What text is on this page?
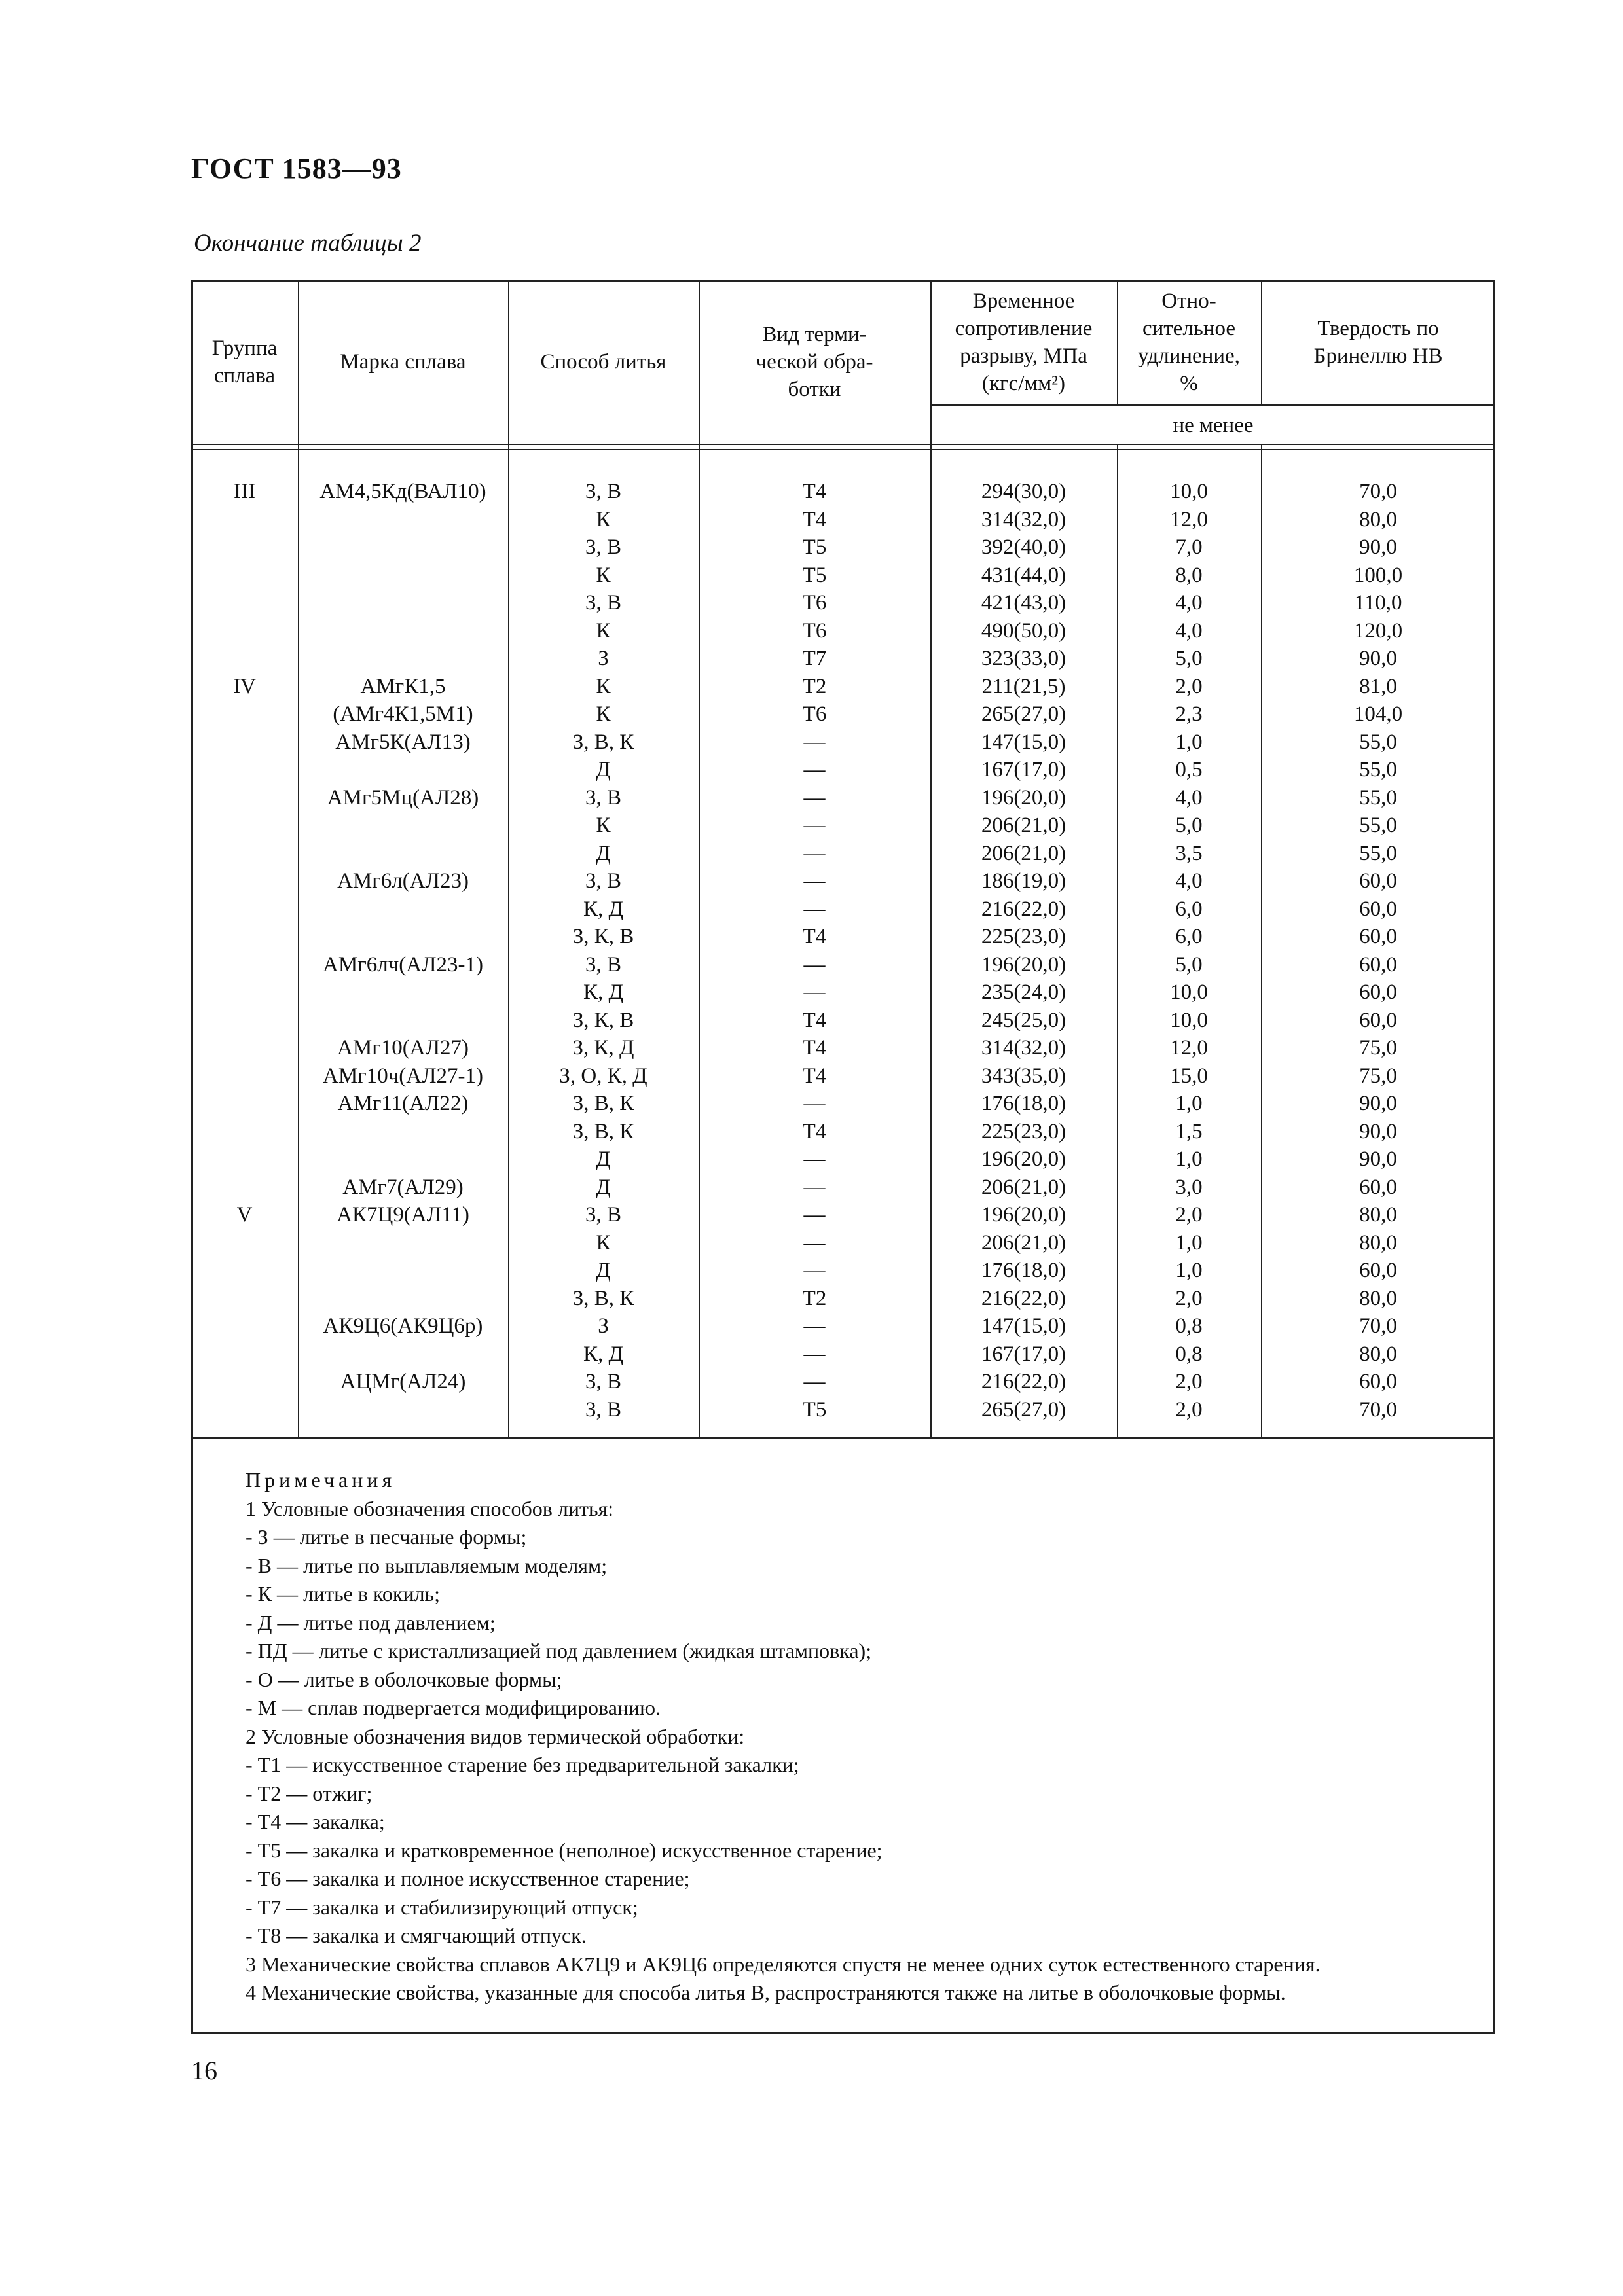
ГОСТ 1583—93
Окончание таблицы 2
Группа
сплава
Марка сплава	Способ литья
Вид терми-
ческой обра-
ботки
Временное
сопротивление
разрыву, МПа
(кгс/мм²)
Отно-
сительное
удлинение,
%
Твердость по
Бринеллю HB
не менее
III
IV
V
АМ4,5Кд(ВАЛ10)
АМгК1,5
(АМг4К1,5М1)
АМг5К(АЛ13)
АМг5Мц(АЛ28)
АМг6л(АЛ23)
АМг6лч(АЛ23-1)
АМг10(АЛ27)
АМг10ч(АЛ27-1)
АМг11(АЛ22)
АМг7(АЛ29)
АК7Ц9(АЛ11)
АК9Ц6(АК9Ц6р)
АЦМг(АЛ24)
З, В
К
З, В
К
З, В
К
З
К
К
З, В, К
Д
З, В
К
Д
З, В
К, Д
З, К, В
З, В
К, Д
З, К, В
З, К, Д
З, О, К, Д
З, В, К
З, В, К
Д
Д
З, В
К
Д
З, В, К
З
К, Д
З, В
З, В
Т4
Т4
Т5
Т5
Т6
Т6
Т7
Т2
Т6
—
—
—
—
—
—
—
Т4
—
—
Т4
Т4
Т4
—
Т4
—
—
—
—
—
Т2
—
—
—
Т5
294(30,0)
314(32,0)
392(40,0)
431(44,0)
421(43,0)
490(50,0)
323(33,0)
211(21,5)
265(27,0)
147(15,0)
167(17,0)
196(20,0)
206(21,0)
206(21,0)
186(19,0)
216(22,0)
225(23,0)
196(20,0)
235(24,0)
245(25,0)
314(32,0)
343(35,0)
176(18,0)
225(23,0)
196(20,0)
206(21,0)
196(20,0)
206(21,0)
176(18,0)
216(22,0)
147(15,0)
167(17,0)
216(22,0)
265(27,0)
10,0
12,0
7,0
8,0
4,0
4,0
5,0
2,0
2,3
1,0
0,5
4,0
5,0
3,5
4,0
6,0
6,0
5,0
10,0
10,0
12,0
15,0
1,0
1,5
1,0
3,0
2,0
1,0
1,0
2,0
0,8
0,8
2,0
2,0
70,0
80,0
90,0
100,0
110,0
120,0
90,0
81,0
104,0
55,0
55,0
55,0
55,0
55,0
60,0
60,0
60,0
60,0
60,0
60,0
75,0
75,0
90,0
90,0
90,0
60,0
80,0
80,0
60,0
80,0
70,0
80,0
60,0
70,0
Примечания
1 Условные обозначения способов литья:
- З — литье в песчаные формы;
- В — литье по выплавляемым моделям;
- К — литье в кокиль;
- Д — литье под давлением;
- ПД — литье с кристаллизацией под давлением (жидкая штамповка);
- О — литье в оболочковые формы;
- М — сплав подвергается модифицированию.
2 Условные обозначения видов термической обработки:
- Т1 — искусственное старение без предварительной закалки;
- Т2 — отжиг;
- Т4 — закалка;
- Т5 — закалка и кратковременное (неполное) искусственное старение;
- Т6 — закалка и полное искусственное старение;
- Т7 — закалка и стабилизирующий отпуск;
- Т8 — закалка и смягчающий отпуск.
3 Механические свойства сплавов АК7Ц9 и АК9Ц6 определяются спустя не менее одних суток естественного старения.
4 Механические свойства, указанные для способа литья В, распространяются также на литье в оболочковые формы.
16
